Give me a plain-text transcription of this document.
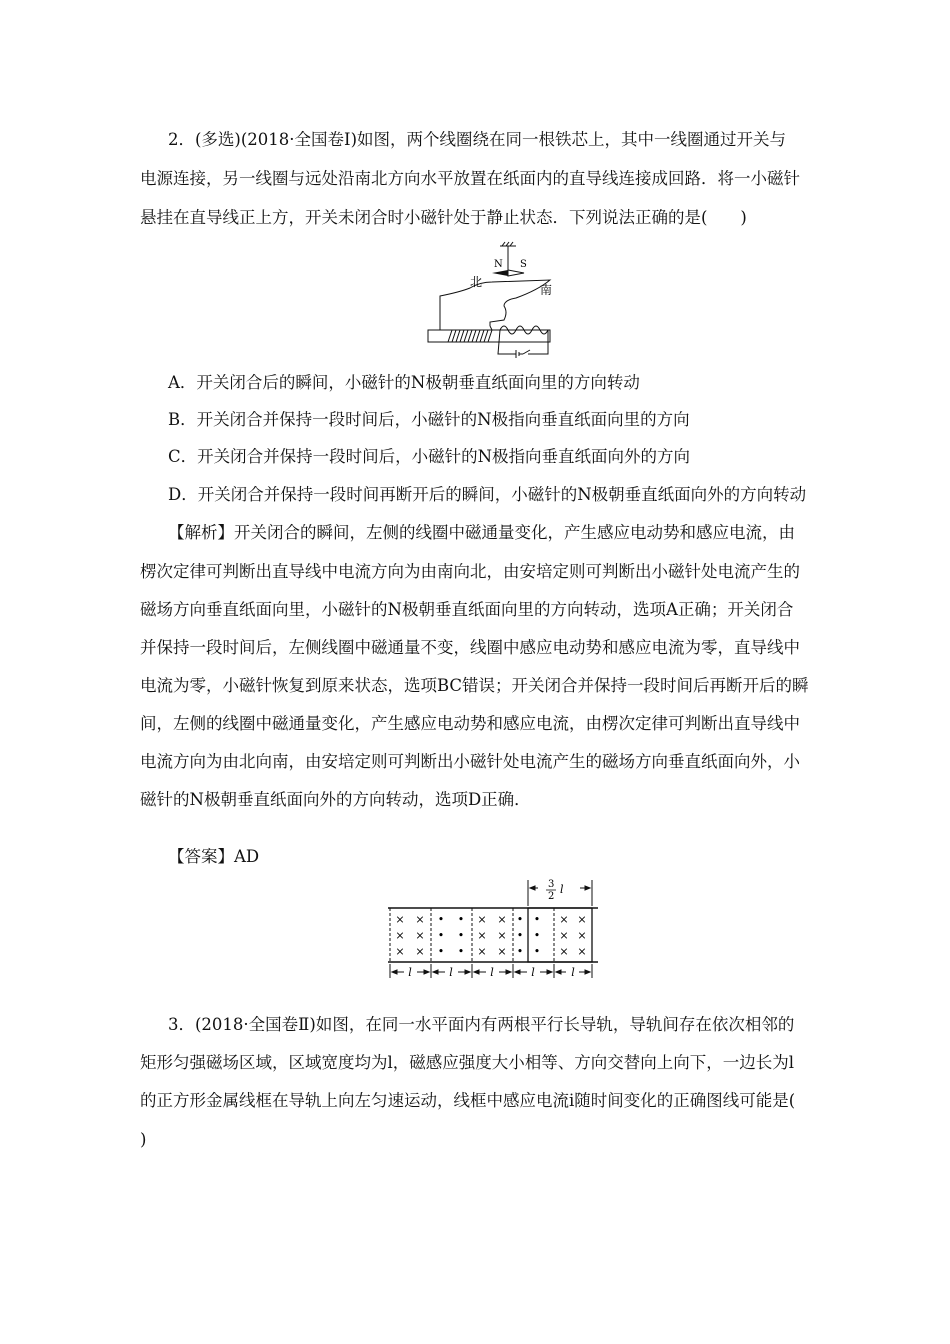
2．(多选)(2018·全国卷Ⅰ)如图，两个线圈绕在同一根铁芯上，其中一线圈通过开关与
电源连接，另一线圈与远处沿南北方向水平放置在纸面内的直导线连接成回路．将一小磁针
悬挂在直导线正上方，开关未闭合时小磁针处于静止状态．下列说法正确的是(　　)
N S
北
南
A．开关闭合后的瞬间，小磁针的N极朝垂直纸面向里的方向转动
B．开关闭合并保持一段时间后，小磁针的N极指向垂直纸面向里的方向
C．开关闭合并保持一段时间后，小磁针的N极指向垂直纸面向外的方向
D．开关闭合并保持一段时间再断开后的瞬间，小磁针的N极朝垂直纸面向外的方向转动
【解析】开关闭合的瞬间，左侧的线圈中磁通量变化，产生感应电动势和感应电流，由
楞次定律可判断出直导线中电流方向为由南向北，由安培定则可判断出小磁针处电流产生的
磁场方向垂直纸面向里，小磁针的N极朝垂直纸面向里的方向转动，选项A正确；开关闭合
并保持一段时间后，左侧线圈中磁通量不变，线圈中感应电动势和感应电流为零，直导线中
电流为零，小磁针恢复到原来状态，选项BC错误；开关闭合并保持一段时间后再断开后的瞬
间，左侧的线圈中磁通量变化，产生感应电动势和感应电流，由楞次定律可判断出直导线中
电流方向为由北向南，由安培定则可判断出小磁针处电流产生的磁场方向垂直纸面向外，小
磁针的N极朝垂直纸面向外的方向转动，选项D正确．
【答案】AD
3
2
l
× ×
× ×
× ×
• •
• •
• •
× ×
× ×
× ×
• •
• •
• •
× ×
× ×
× ×
l	l	l	l	l
3．(2018·全国卷Ⅱ)如图，在同一水平面内有两根平行长导轨，导轨间存在依次相邻的
矩形匀强磁场区域，区域宽度均为l，磁感应强度大小相等、方向交替向上向下，一边长为l
的正方形金属线框在导轨上向左匀速运动，线框中感应电流i随时间变化的正确图线可能是(
)
